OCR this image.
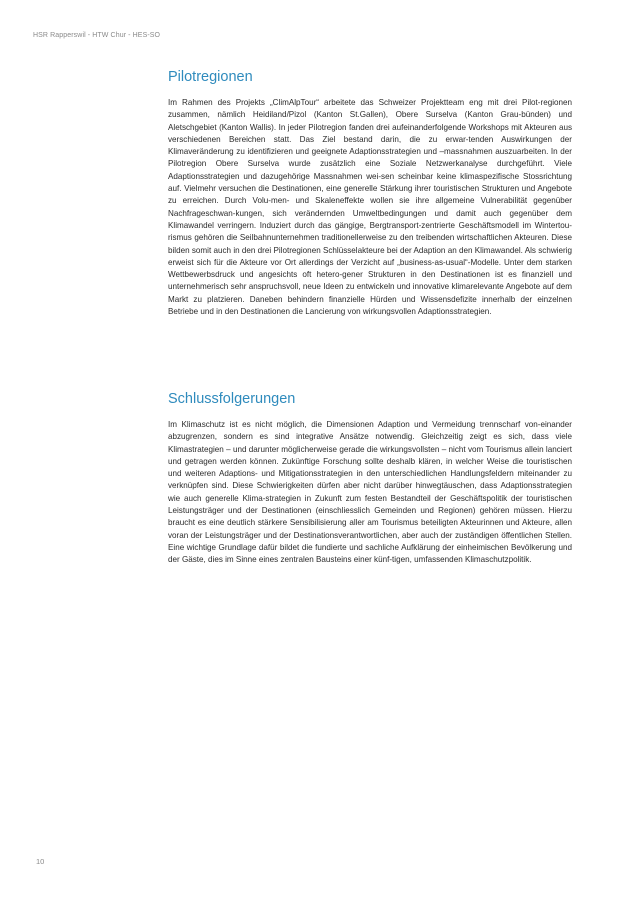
HSR Rapperswil - HTW Chur - HES-SO
Pilotregionen

Im Rahmen des Projekts „ClimAlpTour“ arbeitete das Schweizer Projektteam eng mit drei Pilot-regionen zusammen, nämlich Heidiland/Pizol (Kanton St.Gallen), Obere Surselva (Kanton Grau-bünden) und Aletschgebiet (Kanton Wallis). In jeder Pilotregion fanden drei aufeinanderfolgende Workshops mit Akteuren aus verschiedenen Bereichen statt. Das Ziel bestand darin, die zu erwar-tenden Auswirkungen der Klimaveränderung zu identifizieren und geeignete Adaptionsstrategien und –massnahmen auszuarbeiten. In der Pilotregion Obere Surselva wurde zusätzlich eine Soziale Netzwerkanalyse durchgeführt. Viele Adaptionsstrategien und dazugehörige Massnahmen wei-sen scheinbar keine klimaspezifische Stossrichtung auf. Vielmehr versuchen die Destinationen, eine generelle Stärkung ihrer touristischen Strukturen und Angebote zu erreichen. Durch Volu-men- und Skaleneffekte wollen sie ihre allgemeine Vulnerabilität gegenüber Nachfrageschwan-kungen, sich verändernden Umweltbedingungen und damit auch gegenüber dem Klimawandel verringern. Induziert durch das gängige, Bergtransport-zentrierte Geschäftsmodell im Wintertou-rismus gehören die Seilbahnunternehmen traditionellerweise zu den treibenden wirtschaftlichen Akteuren. Diese bilden somit auch in den drei Pilotregionen Schlüsselakteure bei der Adaption an den Klimawandel. Als schwierig erweist sich für die Akteure vor Ort allerdings der Verzicht auf „business-as-usual“-Modelle. Unter dem starken Wettbewerbsdruck und angesichts oft hetero-gener Strukturen in den Destinationen ist es finanziell und unternehmerisch sehr anspruchsvoll, neue Ideen zu entwickeln und innovative klimarelevante Angebote auf dem Markt zu platzieren. Daneben behindern finanzielle Hürden und Wissensdefizite innerhalb der einzelnen Betriebe und in den Destinationen die Lancierung von wirkungsvollen Adaptionsstrategien.

Schlussfolgerungen

Im Klimaschutz ist es nicht möglich, die Dimensionen Adaption und Vermeidung trennscharf von-einander abzugrenzen, sondern es sind integrative Ansätze notwendig. Gleichzeitig zeigt es sich, dass viele Klimastrategien – und darunter möglicherweise gerade die wirkungsvollsten – nicht vom Tourismus allein lanciert und getragen werden können. Zukünftige Forschung sollte deshalb klären, in welcher Weise die touristischen und weiteren Adaptions- und Mitigationsstrategien in den unterschiedlichen Handlungsfeldern miteinander zu verknüpfen sind. Diese Schwierigkeiten dürfen aber nicht darüber hinwegtäuschen, dass Adaptionsstrategien wie auch generelle Klima-strategien in Zukunft zum festen Bestandteil der Geschäftspolitik der touristischen Leistungsträger und der Destinationen (einschliesslich Gemeinden und Regionen) gehören müssen. Hierzu braucht es eine deutlich stärkere Sensibilisierung aller am Tourismus beteiligten Akteurinnen und Akteure, allen voran der Leistungsträger und der Destinationsverantwortlichen, aber auch der zuständigen öffentlichen Stellen. Eine wichtige Grundlage dafür bildet die fundierte und sachliche Aufklärung der einheimischen Bevölkerung und der Gäste, dies im Sinne eines zentralen Bausteins einer künf-tigen, umfassenden Klimaschutzpolitik.

10
